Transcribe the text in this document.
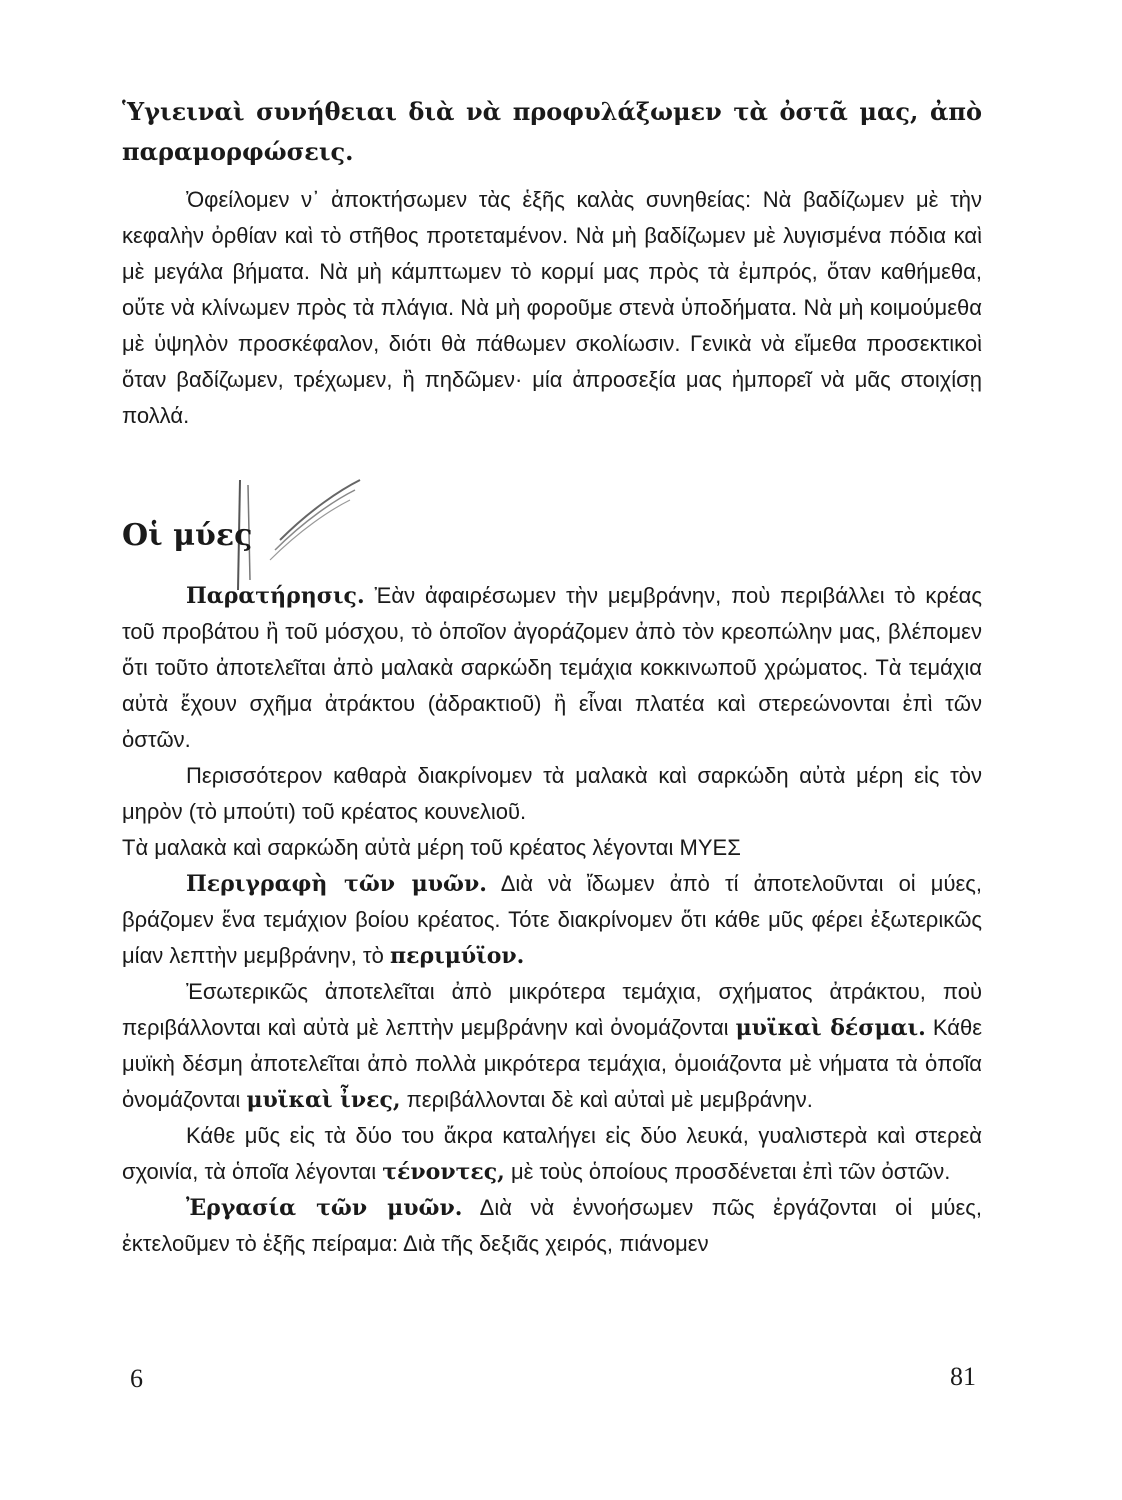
Ὑγιειναὶ συνήθειαι διὰ νὰ προφυλάξωμεν τὰ ὀστᾶ μας, ἀπὸ παραμορφώσεις.

Ὀφείλομεν ν᾿ ἀποκτήσωμεν τὰς ἑξῆς καλὰς συνηθείας: Νὰ βαδίζωμεν μὲ τὴν κεφαλὴν ὀρθίαν καὶ τὸ στῆθος προτεταμένον. Νὰ μὴ βαδίζωμεν μὲ λυγισμένα πόδια καὶ μὲ μεγάλα βήματα. Νὰ μὴ κάμπτωμεν τὸ κορμί μας πρὸς τὰ ἐμπρός, ὅταν καθήμεθα, οὔτε νὰ κλίνωμεν πρὸς τὰ πλάγια. Νὰ μὴ φοροῦμε στενὰ ὑποδήματα. Νὰ μὴ κοιμούμεθα μὲ ὑψηλὸν προσκέφαλον, διότι θὰ πάθωμεν σκολίωσιν. Γενικὰ νὰ εἴμεθα προσεκτικοὶ ὅταν βαδίζωμεν, τρέχωμεν, ἢ πηδῶμεν· μία ἀπροσεξία μας ἠμπορεῖ νὰ μᾶς στοιχίσῃ πολλά.

Οἱ μύες

Παρατήρησις. Ἐὰν ἀφαιρέσωμεν τὴν μεμβράνην, ποὺ περιβάλλει τὸ κρέας τοῦ προβάτου ἢ τοῦ μόσχου, τὸ ὁποῖον ἀγοράζομεν ἀπὸ τὸν κρεοπώλην μας, βλέπομεν ὅτι τοῦτο ἀποτελεῖται ἀπὸ μαλακὰ σαρκώδη τεμάχια κοκκινωποῦ χρώματος. Τὰ τεμάχια αὐτὰ ἔχουν σχῆμα ἀτράκτου (ἀδρακτιοῦ) ἢ εἶναι πλατέα καὶ στερεώνονται ἐπὶ τῶν ὀστῶν.

Περισσότερον καθαρὰ διακρίνομεν τὰ μαλακὰ καὶ σαρκώδη αὐτὰ μέρη εἰς τὸν μηρὸν (τὸ μπούτι) τοῦ κρέατος κουνελιοῦ.

Τὰ μαλακὰ καὶ σαρκώδη αὐτὰ μέρη τοῦ κρέατος λέγονται ΜΥΕΣ

Περιγραφὴ τῶν μυῶν. Διὰ νὰ ἴδωμεν ἀπὸ τί ἀποτελοῦνται οἱ μύες, βράζομεν ἕνα τεμάχιον βοίου κρέατος. Τότε διακρίνομεν ὅτι κάθε μῦς φέρει ἐξωτερικῶς μίαν λεπτὴν μεμβράνην, τὸ περιμύϊον.

Ἐσωτερικῶς ἀποτελεῖται ἀπὸ μικρότερα τεμάχια, σχήματος ἀτράκτου, ποὺ περιβάλλονται καὶ αὐτὰ μὲ λεπτὴν μεμβράνην καὶ ὀνομάζονται μυϊκαὶ δέσμαι. Κάθε μυϊκὴ δέσμη ἀποτελεῖται ἀπὸ πολλὰ μικρότερα τεμάχια, ὁμοιάζοντα μὲ νήματα τὰ ὁποῖα ὀνομάζονται μυϊκαὶ ἶνες, περιβάλλονται δὲ καὶ αὐταὶ μὲ μεμβράνην.

Κάθε μῦς εἰς τὰ δύο του ἄκρα καταλήγει εἰς δύο λευκά, γυαλιστερὰ καὶ στερεὰ σχοινία, τὰ ὁποῖα λέγονται τένοντες, μὲ τοὺς ὁποίους προσδένεται ἐπὶ τῶν ὀστῶν.

Ἐργασία τῶν μυῶν. Διὰ νὰ ἐννοήσωμεν πῶς ἐργάζονται οἱ μύες, ἐκτελοῦμεν τὸ ἑξῆς πείραμα: Διὰ τῆς δεξιᾶς χειρός, πιάνομεν

6	81
